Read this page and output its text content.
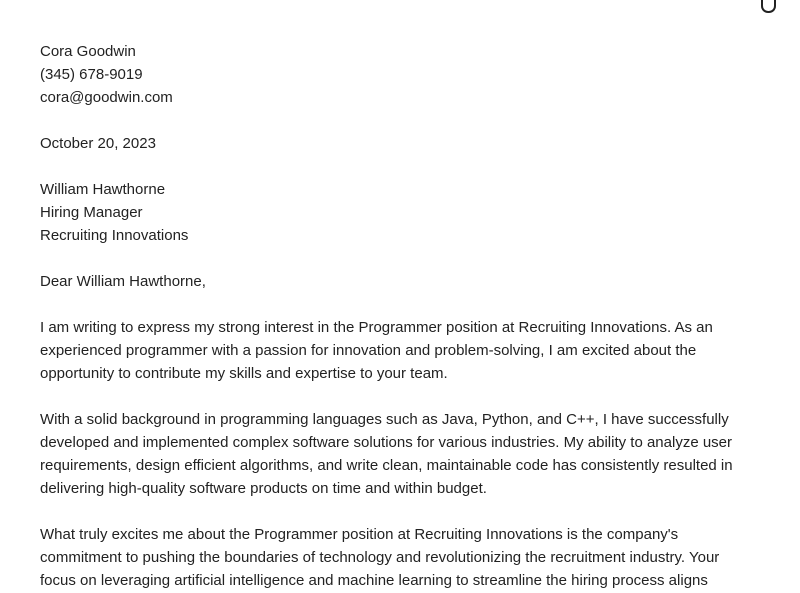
Cora Goodwin
(345) 678-9019
cora@goodwin.com
October 20, 2023
William Hawthorne
Hiring Manager
Recruiting Innovations
Dear William Hawthorne,
I am writing to express my strong interest in the Programmer position at Recruiting Innovations. As an
experienced programmer with a passion for innovation and problem-solving, I am excited about the
opportunity to contribute my skills and expertise to your team.
With a solid background in programming languages such as Java, Python, and C++, I have successfully
developed and implemented complex software solutions for various industries. My ability to analyze user
requirements, design efficient algorithms, and write clean, maintainable code has consistently resulted in
delivering high-quality software products on time and within budget.
What truly excites me about the Programmer position at Recruiting Innovations is the company's
commitment to pushing the boundaries of technology and revolutionizing the recruitment industry. Your
focus on leveraging artificial intelligence and machine learning to streamline the hiring process aligns
